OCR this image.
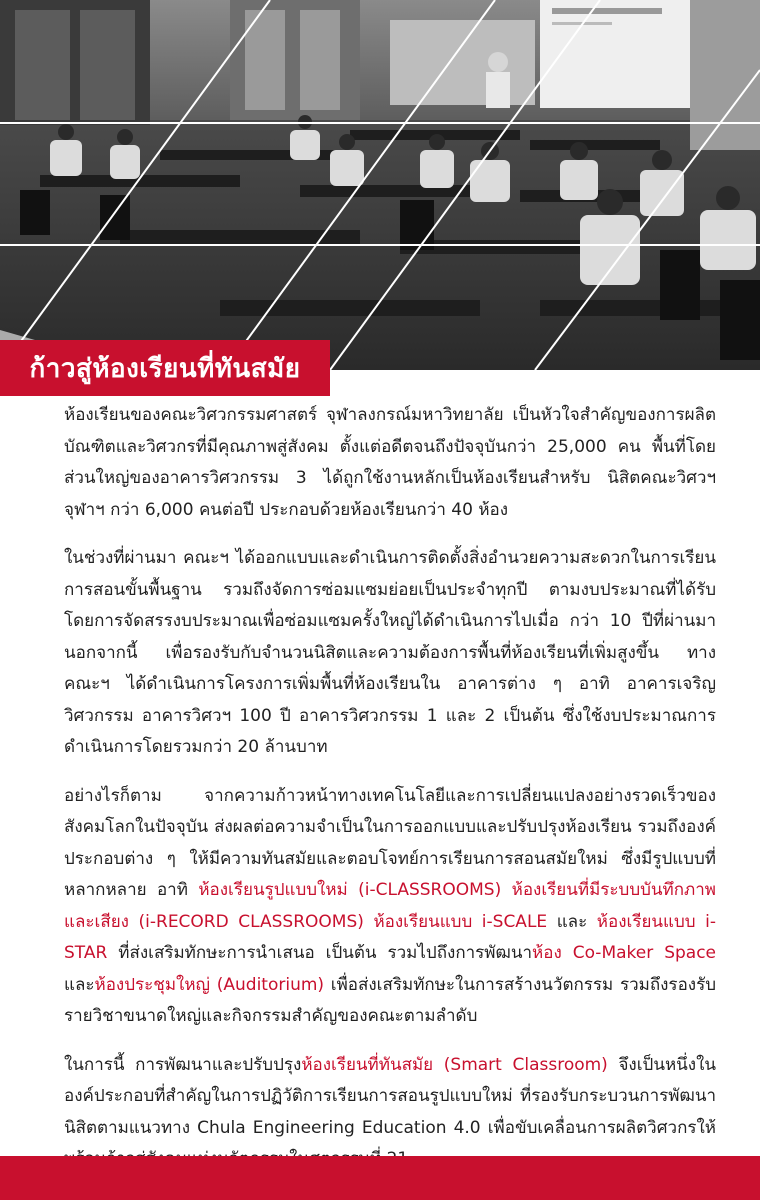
ก้าวสู่ห้องเรียนที่ทันสมัย

ห้องเรียนของคณะวิศวกรรมศาสตร์ จุฬาลงกรณ์มหาวิทยาลัย เป็นหัวใจสำคัญของการผลิตบัณฑิตและวิศวกรที่มีคุณภาพสู่สังคม ตั้งแต่อดีตจนถึงปัจจุบันกว่า 25,000 คน พื้นที่โดยส่วนใหญ่ของอาคารวิศวกรรม 3 ได้ถูกใช้งานหลักเป็นห้องเรียนสำหรับ นิสิตคณะวิศวฯ จุฬาฯ กว่า 6,000 คนต่อปี ประกอบด้วยห้องเรียนกว่า 40 ห้อง

ในช่วงที่ผ่านมา คณะฯ ได้ออกแบบและดำเนินการติดตั้งสิ่งอำนวยความสะดวกในการเรียนการสอนขั้นพื้นฐาน รวมถึงจัดการซ่อมแซมย่อยเป็นประจำทุกปี ตามงบประมาณที่ได้รับ โดยการจัดสรรงบประมาณเพื่อซ่อมแซมครั้งใหญ่ได้ดำเนินการไปเมื่อ กว่า 10 ปีที่ผ่านมา นอกจากนี้ เพื่อรองรับกับจำนวนนิสิตและความต้องการพื้นที่ห้องเรียนที่เพิ่มสูงขึ้น ทางคณะฯ ได้ดำเนินการโครงการเพิ่มพื้นที่ห้องเรียนใน อาคารต่าง ๆ อาทิ อาคารเจริญวิศวกรรม อาคารวิศวฯ 100 ปี อาคารวิศวกรรม 1 และ 2 เป็นต้น ซึ่งใช้งบประมาณการดำเนินการโดยรวมกว่า 20 ล้านบาท

อย่างไรก็ตาม จากความก้าวหน้าทางเทคโนโลยีและการเปลี่ยนแปลงอย่างรวดเร็วของสังคมโลกในปัจจุบัน ส่งผลต่อความจำเป็นในการออกแบบและปรับปรุงห้องเรียน รวมถึงองค์ประกอบต่าง ๆ ให้มีความทันสมัยและตอบโจทย์การเรียนการสอนสมัยใหม่ ซึ่งมีรูปแบบที่หลากหลาย อาทิ ห้องเรียนรูปแบบใหม่ (i-CLASSROOMS) ห้องเรียนที่มีระบบบันทึกภาพและเสียง (i-RECORD CLASSROOMS) ห้องเรียนแบบ i-SCALE และ ห้องเรียนแบบ i-STAR ที่ส่งเสริมทักษะการนำเสนอ เป็นต้น รวมไปถึงการพัฒนาห้อง Co-Maker Space และห้องประชุมใหญ่ (Auditorium) เพื่อส่งเสริมทักษะในการสร้างนวัตกรรม รวมถึงรองรับรายวิชาขนาดใหญ่และกิจกรรมสำคัญของคณะตามลำดับ

ในการนี้ การพัฒนาและปรับปรุงห้องเรียนที่ทันสมัย (Smart Classroom) จึงเป็นหนึ่งในองค์ประกอบที่สำคัญในการปฏิวัติการเรียนการสอนรูปแบบใหม่ ที่รองรับกระบวนการพัฒนานิสิตตามแนวทาง Chula Engineering Education 4.0 เพื่อขับเคลื่อนการผลิตวิศวกรให้
